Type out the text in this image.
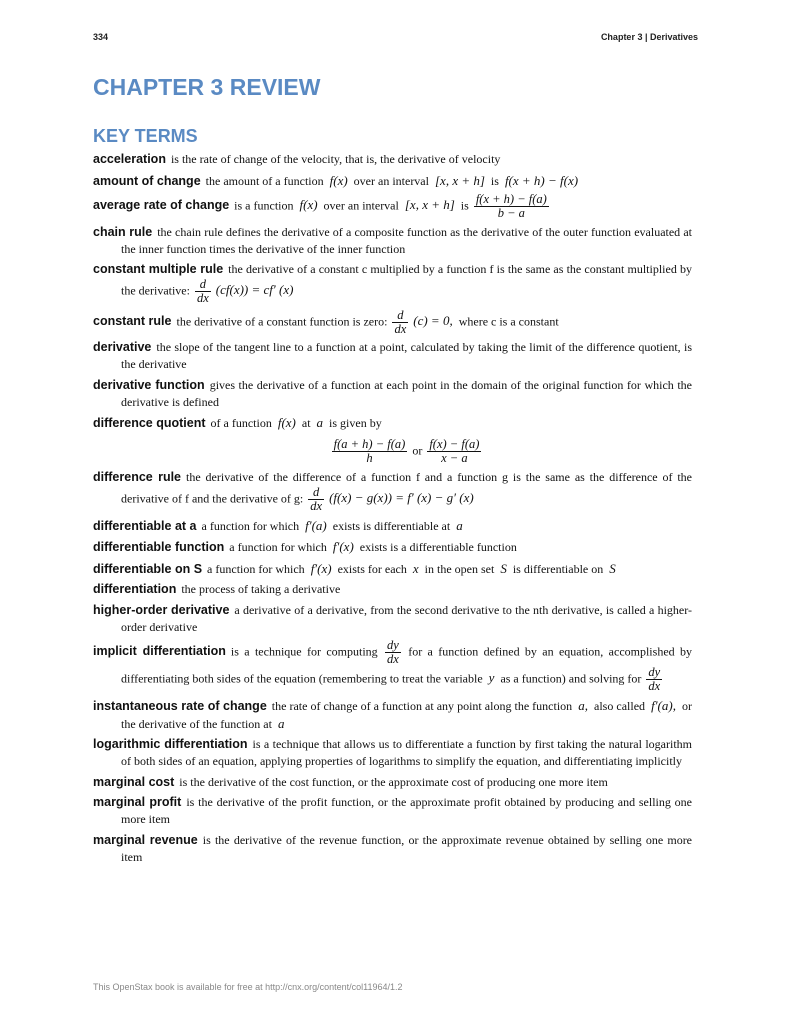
334	Chapter 3 | Derivatives
CHAPTER 3 REVIEW
KEY TERMS
acceleration is the rate of change of the velocity, that is, the derivative of velocity
amount of change the amount of a function f(x) over an interval [x, x + h] is f(x + h) − f(x)
average rate of change is a function f(x) over an interval [x, x + h] is $\frac{f(x + h) - f(a)}{b - a}$
chain rule the chain rule defines the derivative of a composite function as the derivative of the outer function evaluated at the inner function times the derivative of the inner function
constant multiple rule the derivative of a constant c multiplied by a function f is the same as the constant multiplied by the derivative: $\frac{d}{dx} (cf(x)) = cf'$ (x)
constant rule the derivative of a constant function is zero: $\frac{d}{dx} (c) = 0$, where c is a constant
derivative the slope of the tangent line to a function at a point, calculated by taking the limit of the difference quotient, is the derivative
derivative function gives the derivative of a function at each point in the domain of the original function for which the derivative is defined
difference quotient of a function f(x) at a is given by
$\frac{f(a + h) - f(a)}{h}$ or $\frac{f(x) - f(a)}{x - a}$
difference rule the derivative of the difference of a function f and a function g is the same as the difference of the derivative of f and the derivative of g: $\frac{d}{dx} (f(x) - g(x)) = f'$ (x) − g′ (x)
differentiable at a a function for which f′(a) exists is differentiable at a
differentiable function a function for which f′(x) exists is a differentiable function
differentiable on S a function for which f′(x) exists for each x in the open set S is differentiable on S
differentiation the process of taking a derivative
higher-order derivative a derivative of a derivative, from the second derivative to the nth derivative, is called a higher-order derivative
implicit differentiation is a technique for computing $\frac{dy}{dx}$ for a function defined by an equation, accomplished by differentiating both sides of the equation (remembering to treat the variable y as a function) and solving for $\frac{dy}{dx}$
instantaneous rate of change the rate of change of a function at any point along the function a, also called f′(a), or the derivative of the function at a
logarithmic differentiation is a technique that allows us to differentiate a function by first taking the natural logarithm of both sides of an equation, applying properties of logarithms to simplify the equation, and differentiating implicitly
marginal cost is the derivative of the cost function, or the approximate cost of producing one more item
marginal profit is the derivative of the profit function, or the approximate profit obtained by producing and selling one more item
marginal revenue is the derivative of the revenue function, or the approximate revenue obtained by selling one more item
This OpenStax book is available for free at http://cnx.org/content/col11964/1.2
